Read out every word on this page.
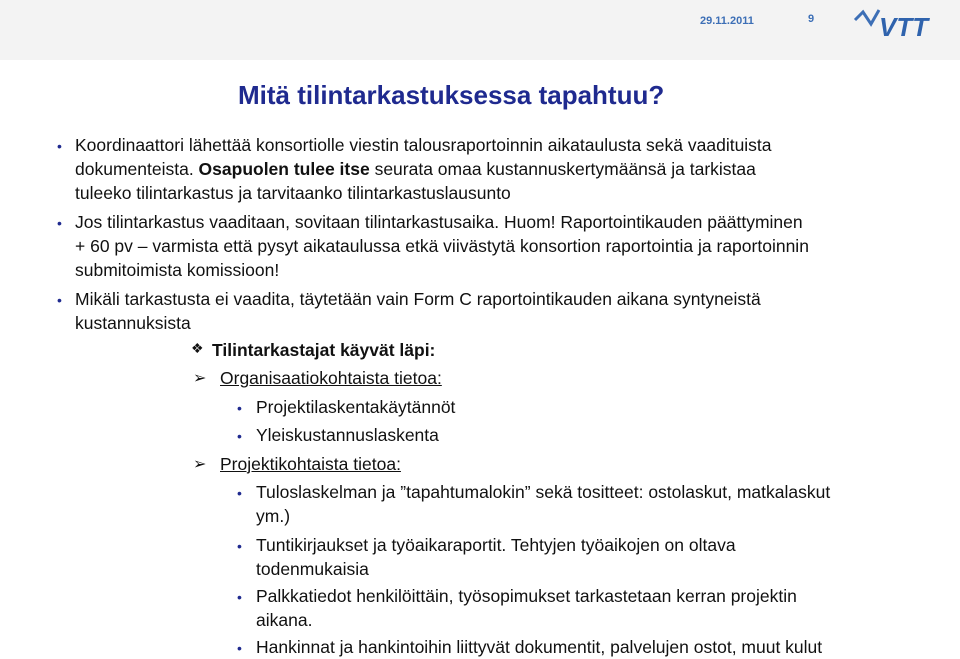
29.11.2011	9 VTT
Mitä tilintarkastuksessa tapahtuu?
• Koordinaattori lähettää konsortiolle viestin talousraportoinnin aikataulusta sekä vaadituista
dokumenteista. Osapuolen tulee itse seurata omaa kustannuskertymäänsä ja tarkistaa
tuleeko tilintarkastus ja tarvitaanko tilintarkastuslausunto
• Jos tilintarkastus vaaditaan, sovitaan tilintarkastusaika. Huom! Raportointikauden päättyminen
+ 60 pv – varmista että pysyt aikataulussa etkä viivästytä konsortion raportointia ja raportoinnin
submitoimista komissioon!
• Mikäli tarkastusta ei vaadita, täytetään vain Form C raportointikauden aikana syntyneistä
kustannuksista
❖ Tilintarkastajat käyvät läpi:
➢ Organisaatiokohtaista tietoa:
• Projektilaskentakäytännöt
• Yleiskustannuslaskenta
➢ Projektikohtaista tietoa:
• Tuloslaskelman ja ”tapahtumalokin” sekä tositteet: ostolaskut, matkalaskut
ym.)
• Tuntikirjaukset ja työaikaraportit. Tehtyjen työaikojen on oltava
todenmukaisia
• Palkkatiedot henkilöittäin, työsopimukset tarkastetaan kerran projektin
aikana.
• Hankinnat ja hankintoihin liittyvät dokumentit, palvelujen ostot, muut kulut
